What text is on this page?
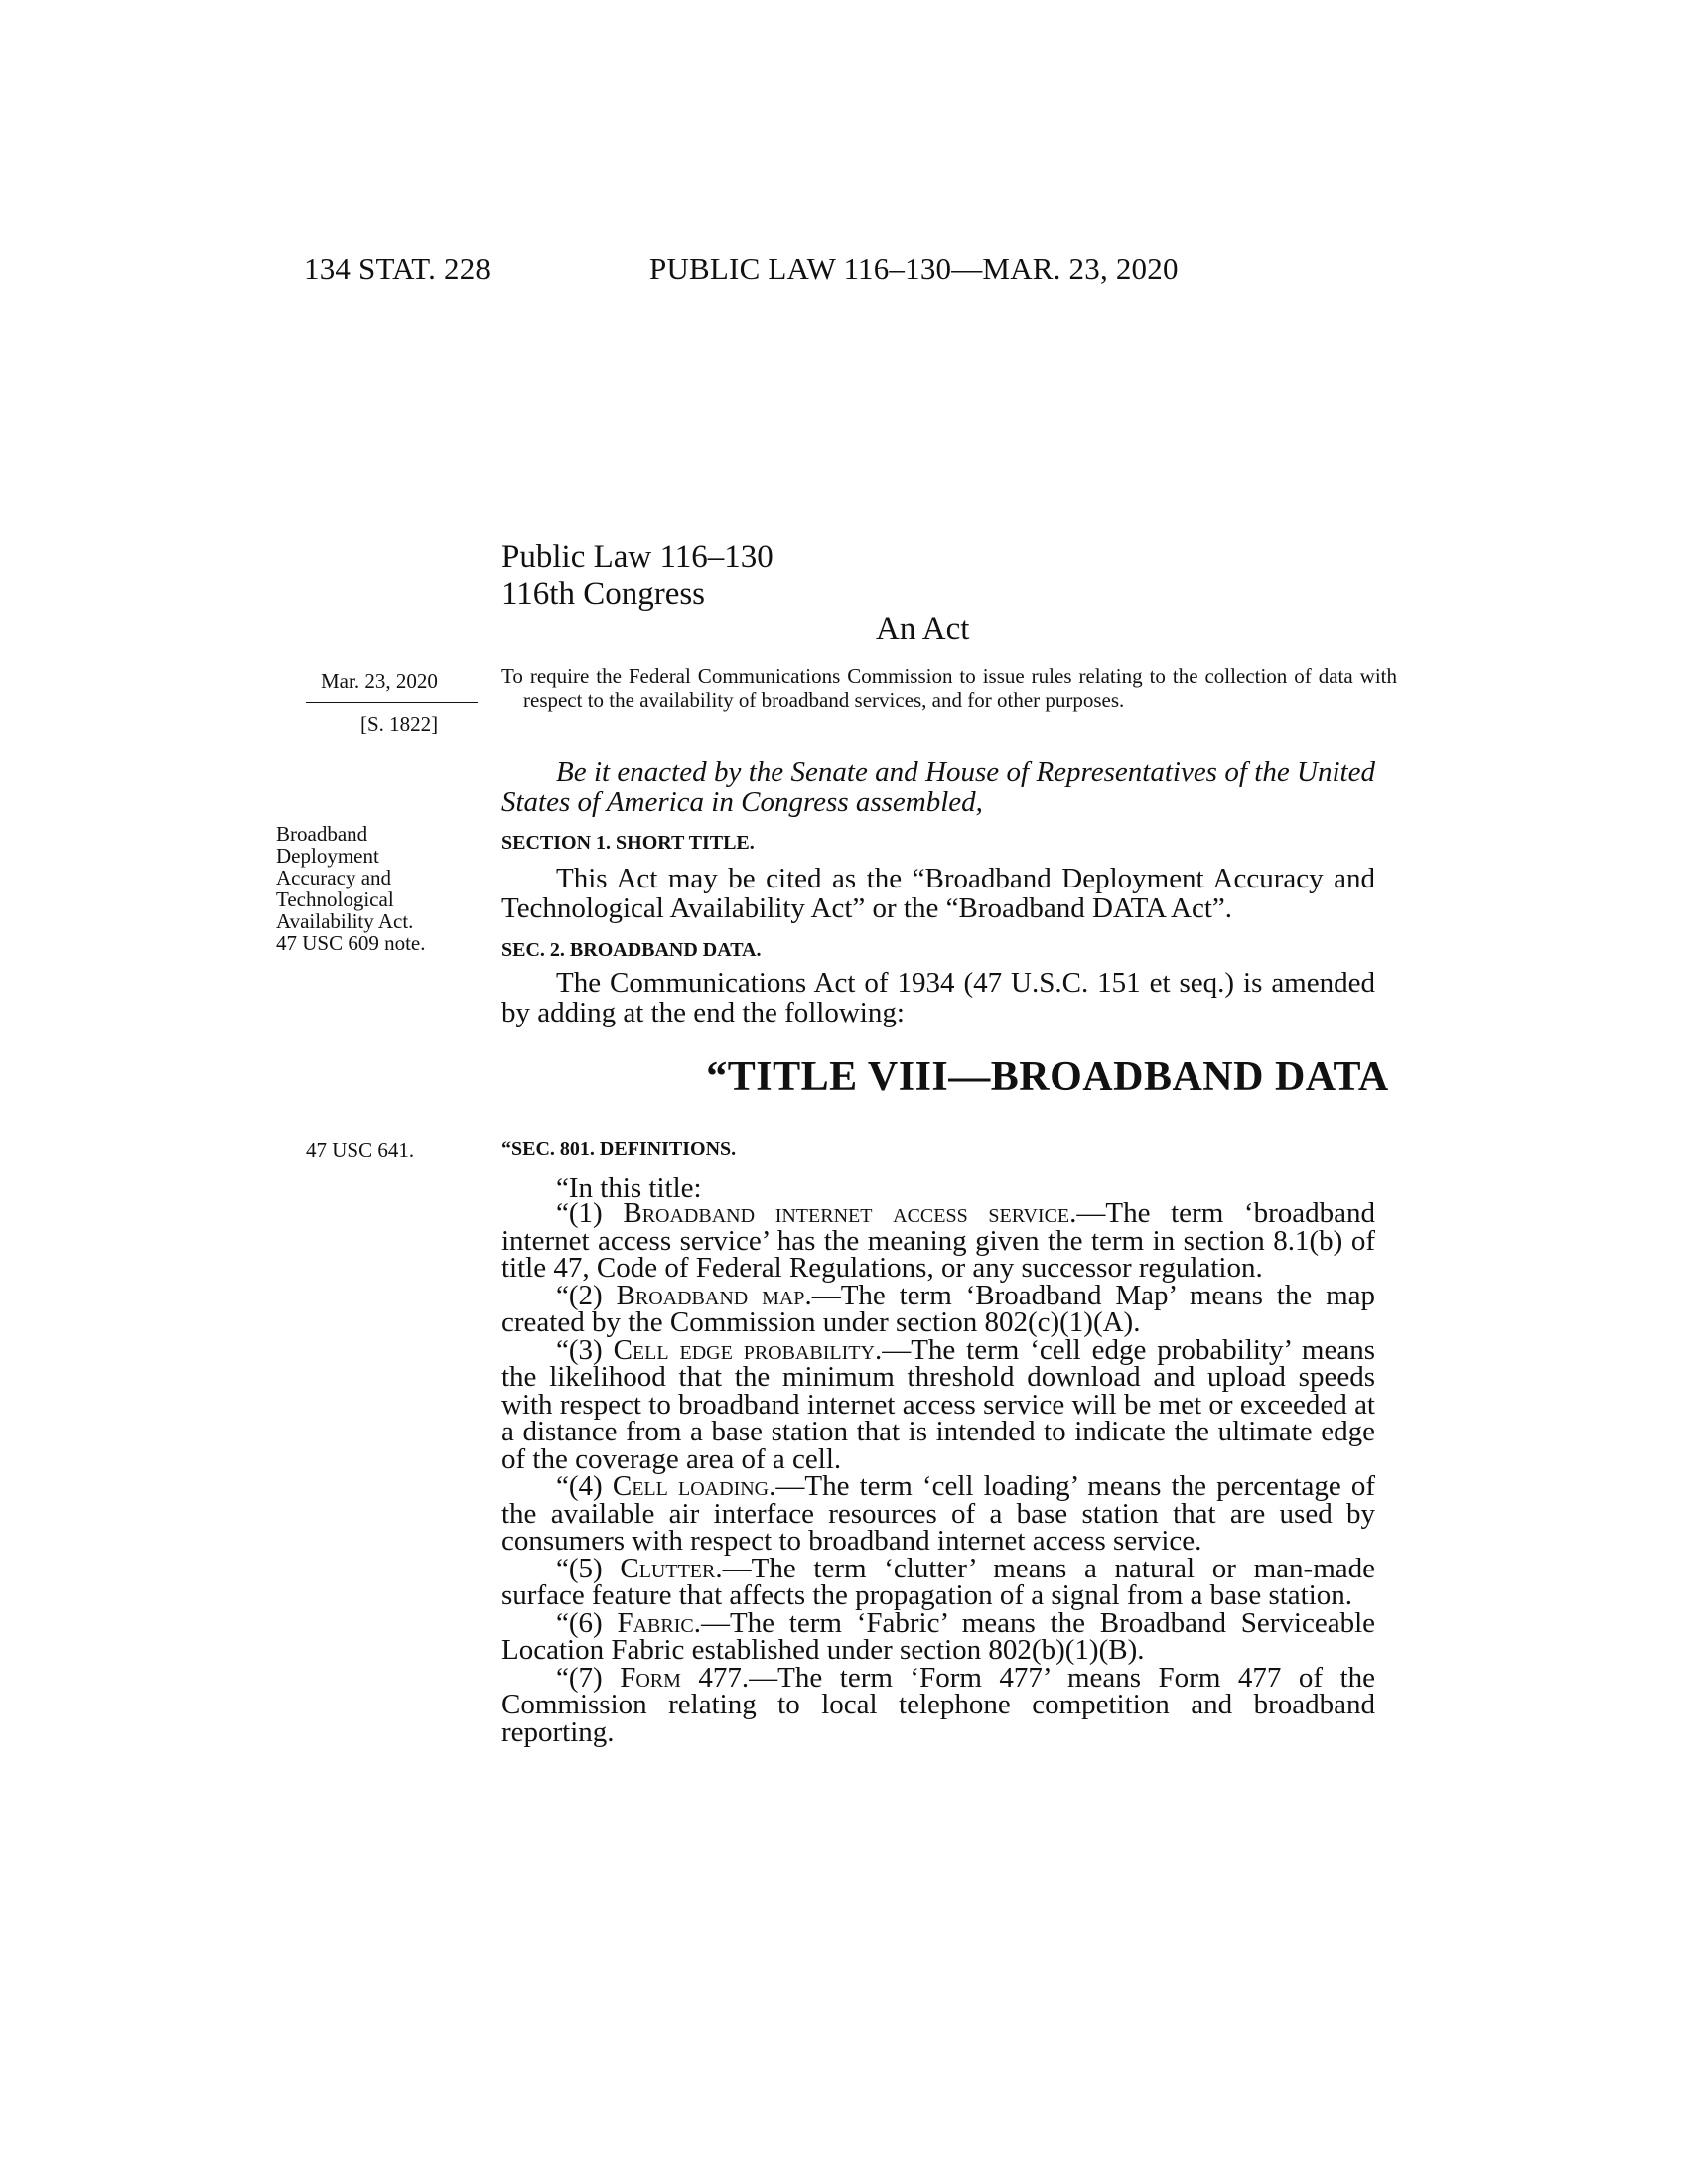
134 STAT. 228	PUBLIC LAW 116–130—MAR. 23, 2020
Public Law 116–130
116th Congress
An Act
Mar. 23, 2020
[S. 1822]
To require the Federal Communications Commission to issue rules relating to the collection of data with respect to the availability of broadband services, and for other purposes.
Be it enacted by the Senate and House of Representatives of the United States of America in Congress assembled,
Broadband
Deployment
Accuracy and
Technological
Availability Act.
47 USC 609 note.
SECTION 1. SHORT TITLE.
This Act may be cited as the “Broadband Deployment Accuracy and Technological Availability Act” or the “Broadband DATA Act”.
SEC. 2. BROADBAND DATA.
The Communications Act of 1934 (47 U.S.C. 151 et seq.) is amended by adding at the end the following:
“TITLE VIII—BROADBAND DATA
47 USC 641.	“SEC. 801. DEFINITIONS.
“In this title:

“(1) Broadband internet access service.—The term ‘broadband internet access service’ has the meaning given the term in section 8.1(b) of title 47, Code of Federal Regulations, or any successor regulation.

“(2) Broadband map.—The term ‘Broadband Map’ means the map created by the Commission under section 802(c)(1)(A).

“(3) Cell edge probability.—The term ‘cell edge probability’ means the likelihood that the minimum threshold download and upload speeds with respect to broadband internet access service will be met or exceeded at a distance from a base station that is intended to indicate the ultimate edge of the coverage area of a cell.

“(4) Cell loading.—The term ‘cell loading’ means the percentage of the available air interface resources of a base station that are used by consumers with respect to broadband internet access service.

“(5) Clutter.—The term ‘clutter’ means a natural or man-made surface feature that affects the propagation of a signal from a base station.

“(6) Fabric.—The term ‘Fabric’ means the Broadband Serviceable Location Fabric established under section 802(b)(1)(B).

“(7) Form 477.—The term ‘Form 477’ means Form 477 of the Commission relating to local telephone competition and broadband reporting.
